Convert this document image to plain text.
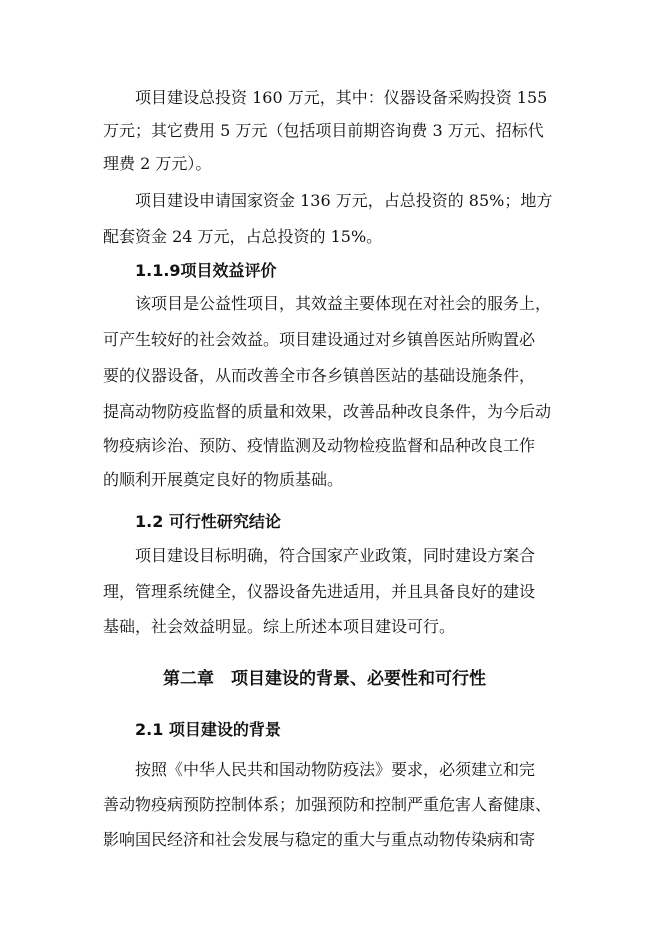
项目建设总投资 160 万元，其中：仪器设备采购投资 155
万元；其它费用 5 万元（包括项目前期咨询费 3 万元、招标代
理费 2 万元）。
项目建设申请国家资金 136 万元，占总投资的 85%；地方
配套资金 24 万元，占总投资的 15%。
1.1.9项目效益评价
该项目是公益性项目，其效益主要体现在对社会的服务上，
可产生较好的社会效益。项目建设通过对乡镇兽医站所购置必
要的仪器设备，从而改善全市各乡镇兽医站的基础设施条件，
提高动物防疫监督的质量和效果，改善品种改良条件，为今后动
物疫病诊治、预防、疫情监测及动物检疫监督和品种改良工作
的顺利开展奠定良好的物质基础。
1.2 可行性研究结论
项目建设目标明确，符合国家产业政策，同时建设方案合
理，管理系统健全，仪器设备先进适用，并且具备良好的建设
基础，社会效益明显。综上所述本项目建设可行。
第二章　项目建设的背景、必要性和可行性
2.1 项目建设的背景
按照《中华人民共和国动物防疫法》要求，必须建立和完
善动物疫病预防控制体系；加强预防和控制严重危害人畜健康、
影响国民经济和社会发展与稳定的重大与重点动物传染病和寄
